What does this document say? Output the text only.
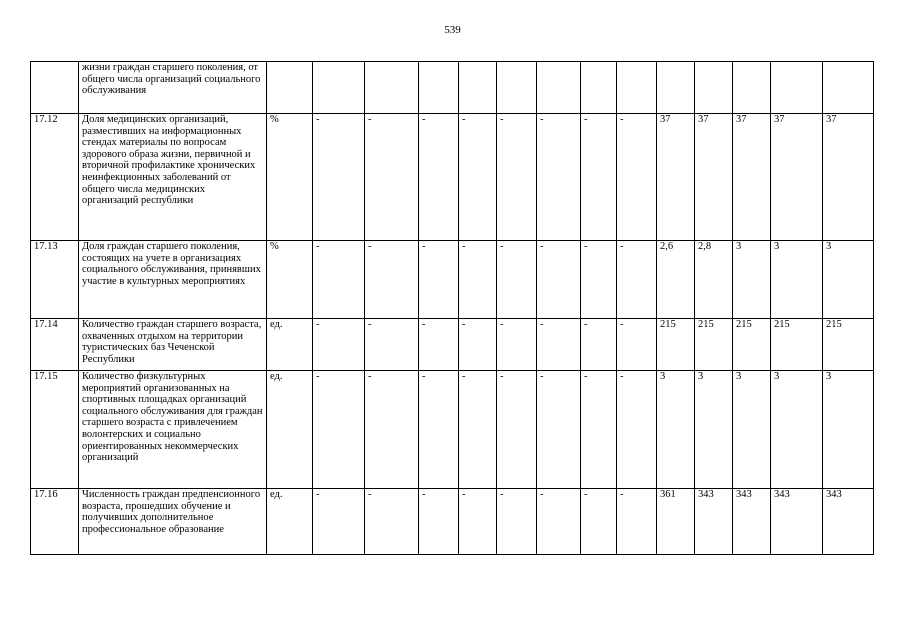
539
	жизни граждан старшего поколения, от общего числа организаций социального обслуживания														
17.12	Доля медицинских организаций, разместивших на информационных стендах материалы по вопросам здорового образа жизни, первичной и вторичной профилактике хронических неинфекционных заболеваний от общего числа медицинских организаций республики	%	-	-	-	-	-	-	-	-	37	37	37	37	37
17.13	Доля граждан старшего поколения, состоящих на учете в организациях социального обслуживания, принявших участие в культурных мероприятиях	%	-	-	-	-	-	-	-	-	2,6	2,8	3	3	3
17.14	Количество граждан старшего возраста, охваченных отдыхом на территории туристических баз Чеченской Республики	ед.	-	-	-	-	-	-	-	-	215	215	215	215	215
17.15	Количество физкультурных мероприятий организованных на спортивных площадках организаций социального обслуживания для граждан старшего возраста с привлечением волонтерских и социально ориентированных некоммерческих организаций	ед.	-	-	-	-	-	-	-	-	3	3	3	3	3
17.16	Численность граждан предпенсионного возраста, прошедших обучение и получивших дополнительное профессиональное образование	ед.	-	-	-	-	-	-	-	-	361	343	343	343	343
